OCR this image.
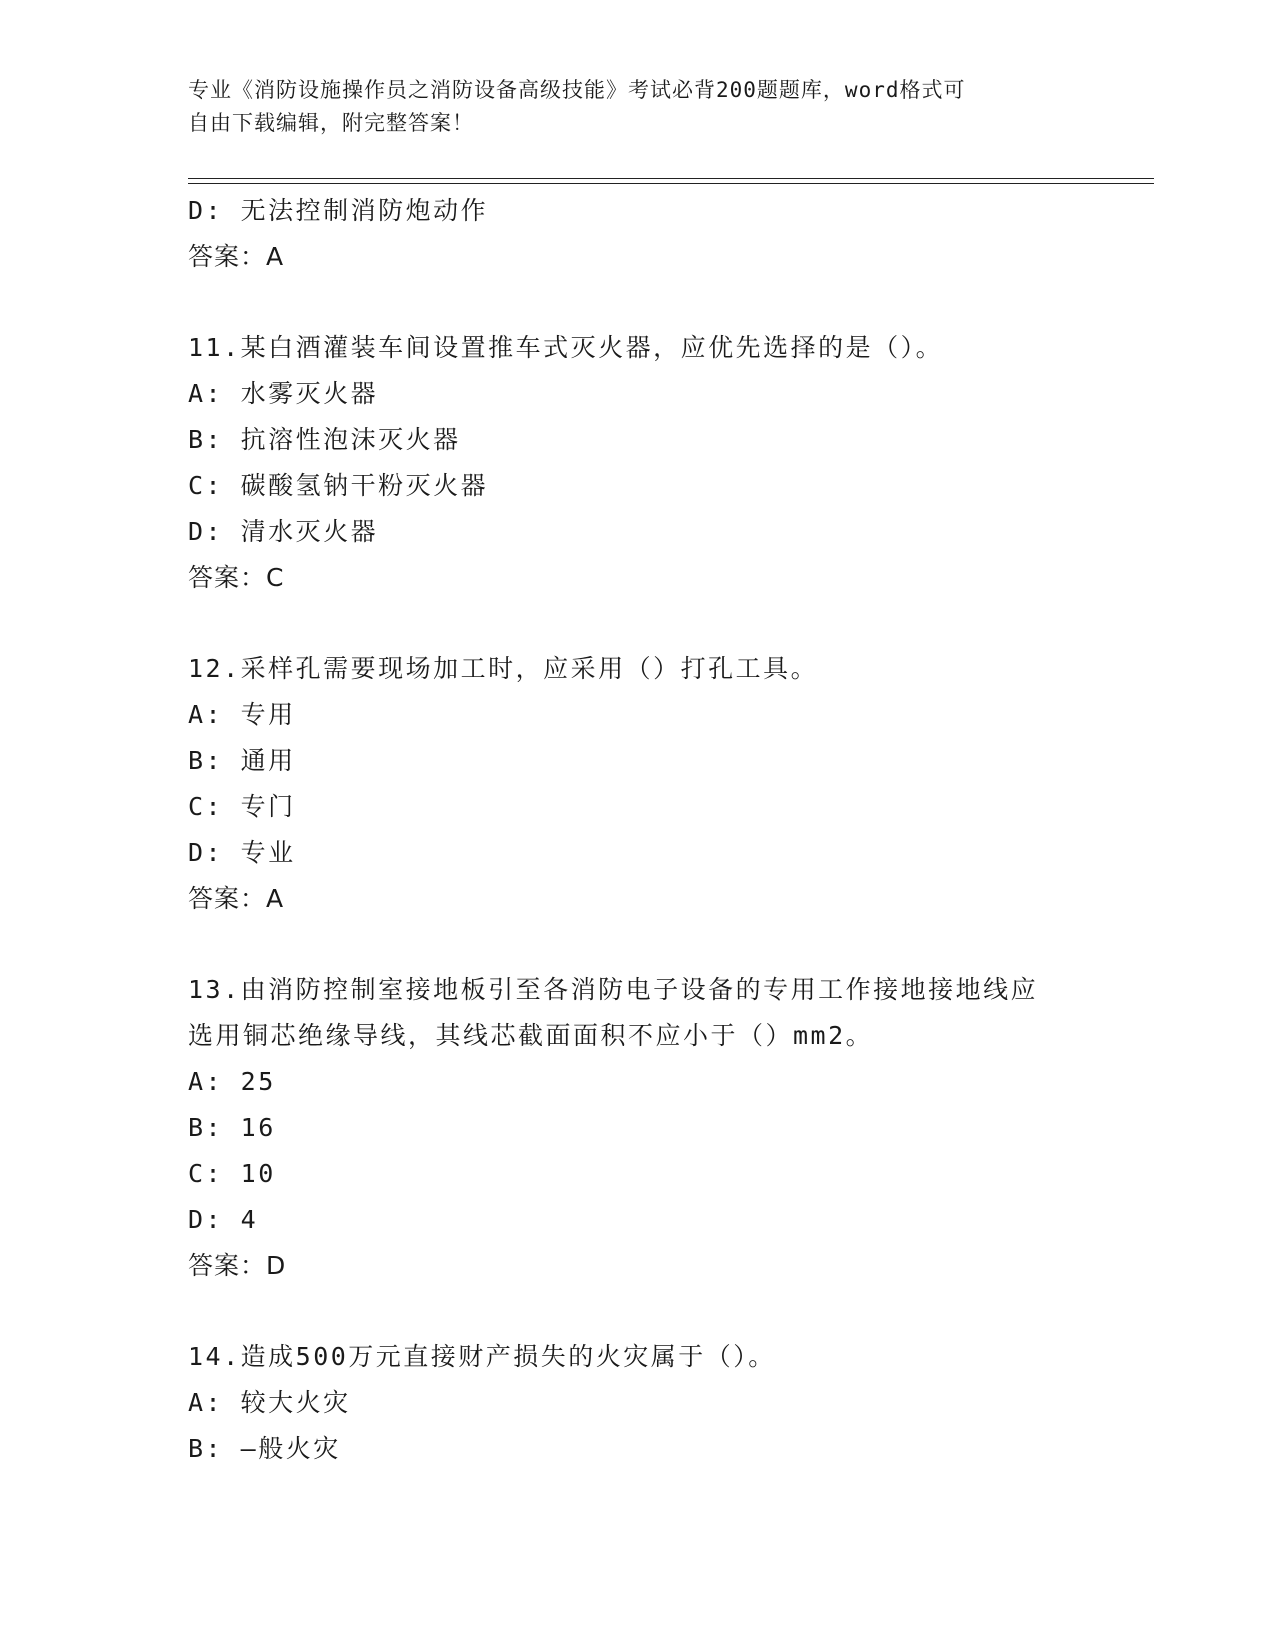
专业《消防设施操作员之消防设备高级技能》考试必背200题题库，word格式可
自由下载编辑，附完整答案！
D: 无法控制消防炮动作
答案：A
11.某白酒灌装车间设置推车式灭火器，应优先选择的是（）。
A: 水雾灭火器
B: 抗溶性泡沫灭火器
C: 碳酸氢钠干粉灭火器
D: 清水灭火器
答案：C
12.采样孔需要现场加工时，应采用（）打孔工具。
A: 专用
B: 通用
C: 专门
D: 专业
答案：A
13.由消防控制室接地板引至各消防电子设备的专用工作接地接地线应
选用铜芯绝缘导线，其线芯截面面积不应小于（）mm2。
A: 25
B: 16
C: 10
D: 4
答案：D
14.造成500万元直接财产损失的火灾属于（）。
A: 较大火灾
B: —般火灾
